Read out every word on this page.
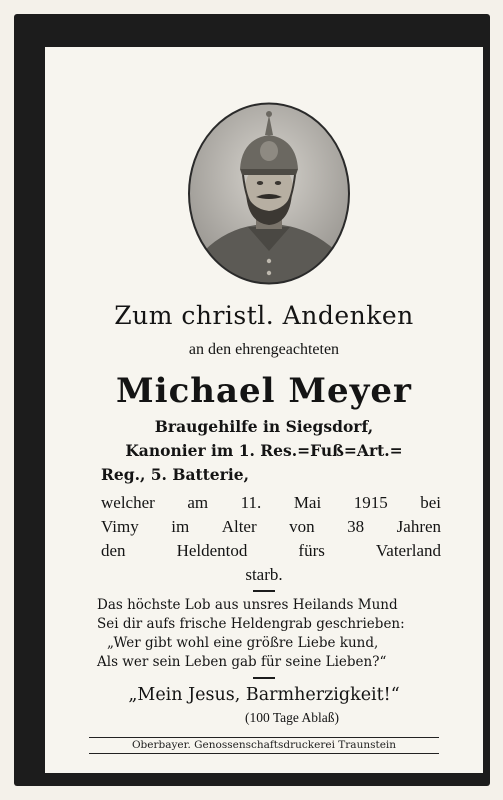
Zum christl. Andenken
an den ehrengeachteten
Michael Meyer
Braugehilfe in Siegsdorf,
Kanonier im 1. Res.=Fuß=Art.=
Reg., 5. Batterie,
welcher am 11. Mai 1915 bei
Vimy im Alter von 38 Jahren
den	Heldentod	fürs	Vaterland
starb.
Das höchste Lob aus unsres Heilands Mund
Sei dir aufs frische Heldengrab geschrieben:
„Wer gibt wohl eine größre Liebe kund,
Als wer sein Leben gab für seine Lieben?“
„Mein Jesus, Barmherzigkeit!“
(100 Tage Ablaß)
Oberbayer. Genossenschaftsdruckerei Traunstein
